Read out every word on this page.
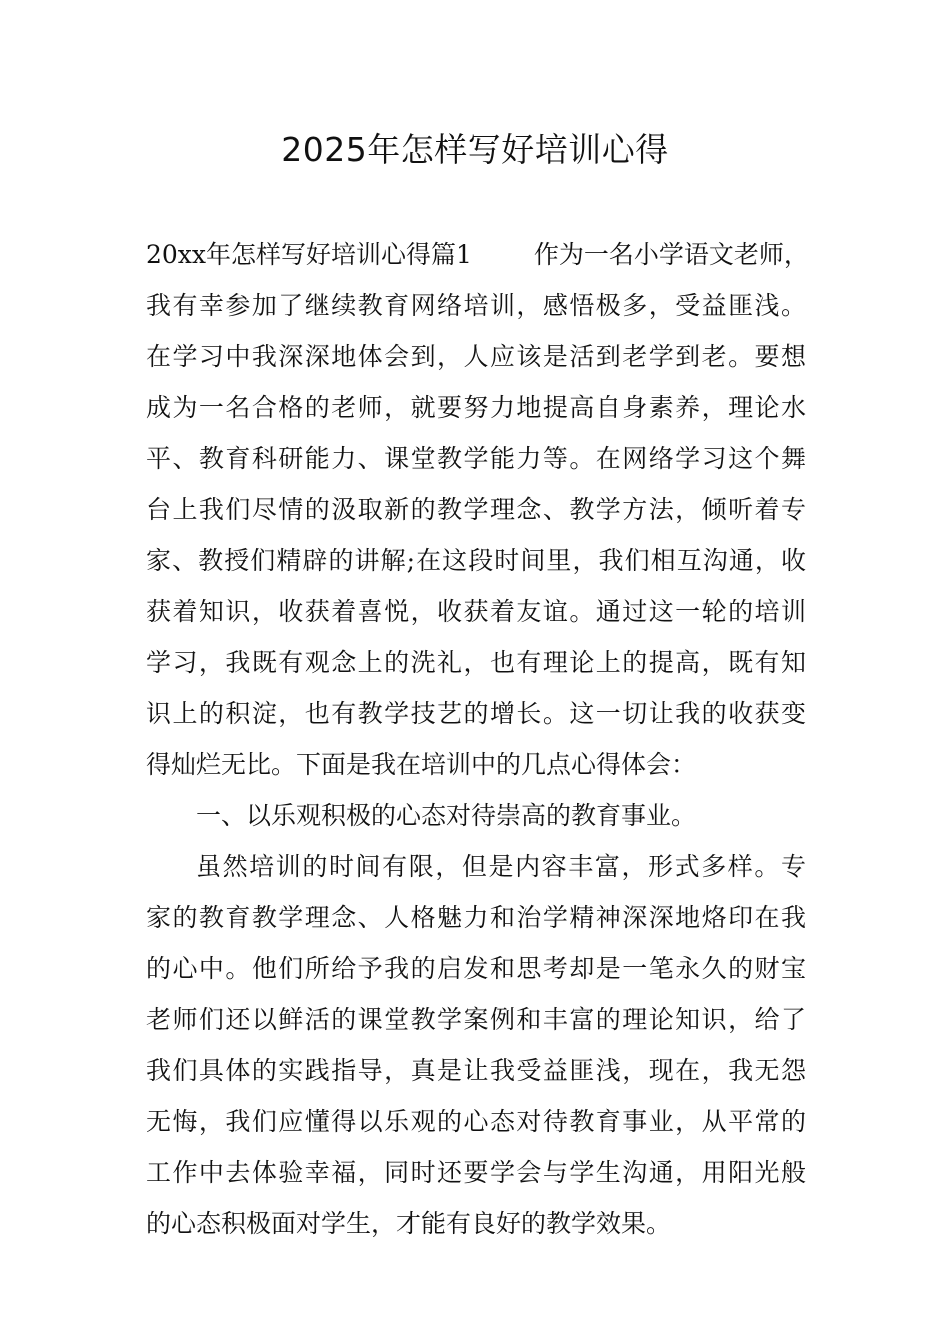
2025年怎样写好培训心得
20xx年怎样写好培训心得篇1 作为一名小学语文老师，
我有幸参加了继续教育网络培训，感悟极多，受益匪浅。
在学习中我深深地体会到，人应该是活到老学到老。要想
成为一名合格的老师，就要努力地提高自身素养，理论水
平、教育科研能力、课堂教学能力等。在网络学习这个舞
台上我们尽情的汲取新的教学理念、教学方法，倾听着专
家、教授们精辟的讲解;在这段时间里，我们相互沟通，收
获着知识，收获着喜悦，收获着友谊。通过这一轮的培训
学习，我既有观念上的洗礼，也有理论上的提高，既有知
识上的积淀，也有教学技艺的增长。这一切让我的收获变
得灿烂无比。下面是我在培训中的几点心得体会：
一、以乐观积极的心态对待崇高的教育事业。
虽然培训的时间有限，但是内容丰富，形式多样。专
家的教育教学理念、人格魅力和治学精神深深地烙印在我
的心中。他们所给予我的启发和思考却是一笔永久的财宝
老师们还以鲜活的课堂教学案例和丰富的理论知识，给了
我们具体的实践指导，真是让我受益匪浅，现在，我无怨
无悔，我们应懂得以乐观的心态对待教育事业，从平常的
工作中去体验幸福，同时还要学会与学生沟通，用阳光般
的心态积极面对学生，才能有良好的教学效果。
